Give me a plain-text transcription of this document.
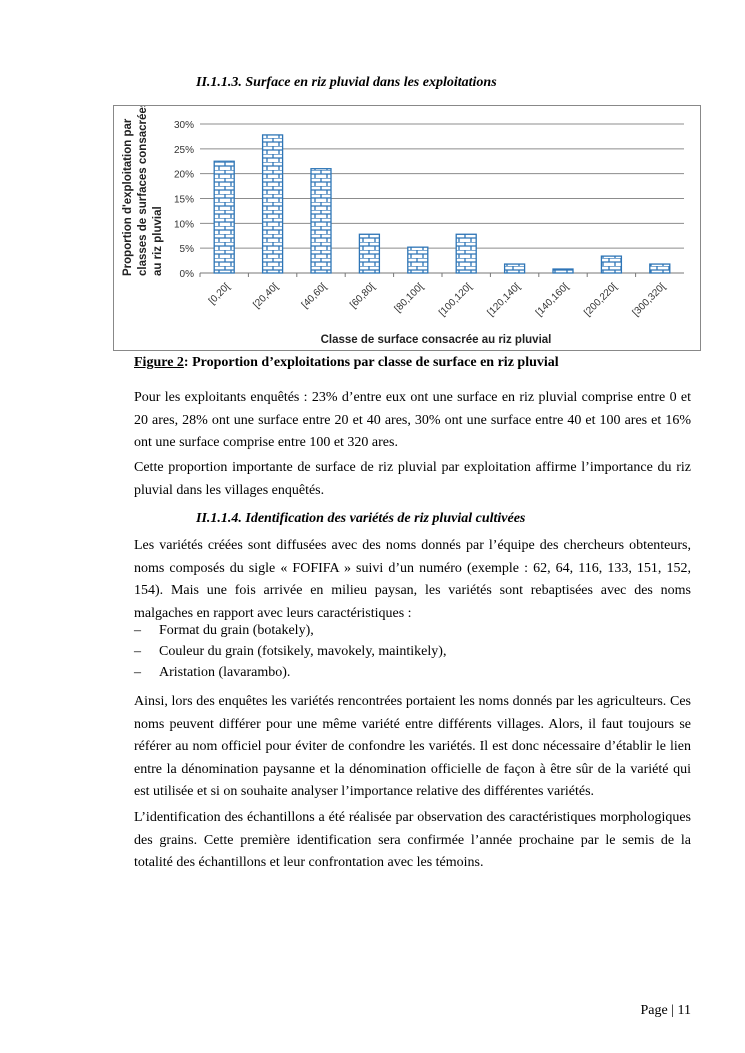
II.1.1.3. Surface en riz pluvial dans les exploitations
0%
5%
10%
15%
20%
25%
30%
[0,20[ [20,40[ [40,60[ [60,80[ [80,100[ [100,120[ [120,140[ [140,160[ [200,220[ [300,320[
Proportion d'exploitation par classes de surfaces consacrées au riz pluvial
Classe de surface consacrée au riz pluvial
Figure 2: Proportion d’exploitations par classe de surface en riz pluvial
Pour les exploitants enquêtés : 23% d’entre eux ont une surface en riz pluvial comprise entre 0 et 20 ares, 28% ont une surface entre 20 et 40 ares, 30% ont une surface entre 40 et 100 ares et 16% ont une surface comprise entre 100 et 320 ares.
Cette proportion importante de surface de riz pluvial par exploitation affirme l’importance du riz pluvial dans les villages enquêtés.
II.1.1.4. Identification des variétés de riz pluvial cultivées
Les variétés créées sont diffusées avec des noms donnés par l’équipe des chercheurs obtenteurs, noms composés du sigle « FOFIFA » suivi d’un numéro (exemple : 62, 64, 116, 133, 151, 152, 154). Mais une fois arrivée en milieu paysan, les variétés sont rebaptisées avec des noms malgaches en rapport avec leurs caractéristiques :
– Format du grain (botakely),
– Couleur du grain (fotsikely, mavokely, maintikely),
– Aristation (lavarambo).
Ainsi, lors des enquêtes les variétés rencontrées portaient les noms donnés par les agriculteurs. Ces noms peuvent différer pour une même variété entre différents villages. Alors, il faut toujours se référer au nom officiel pour éviter de confondre les variétés. Il est donc nécessaire d’établir le lien entre la dénomination paysanne et la dénomination officielle de façon à être sûr de la variété qui est utilisée et si on souhaite analyser l’importance relative des différentes variétés.
L’identification des échantillons a été réalisée par observation des caractéristiques morphologiques des grains. Cette première identification sera confirmée l’année prochaine par le semis de la totalité des échantillons et leur confrontation avec les témoins.
Page | 11
